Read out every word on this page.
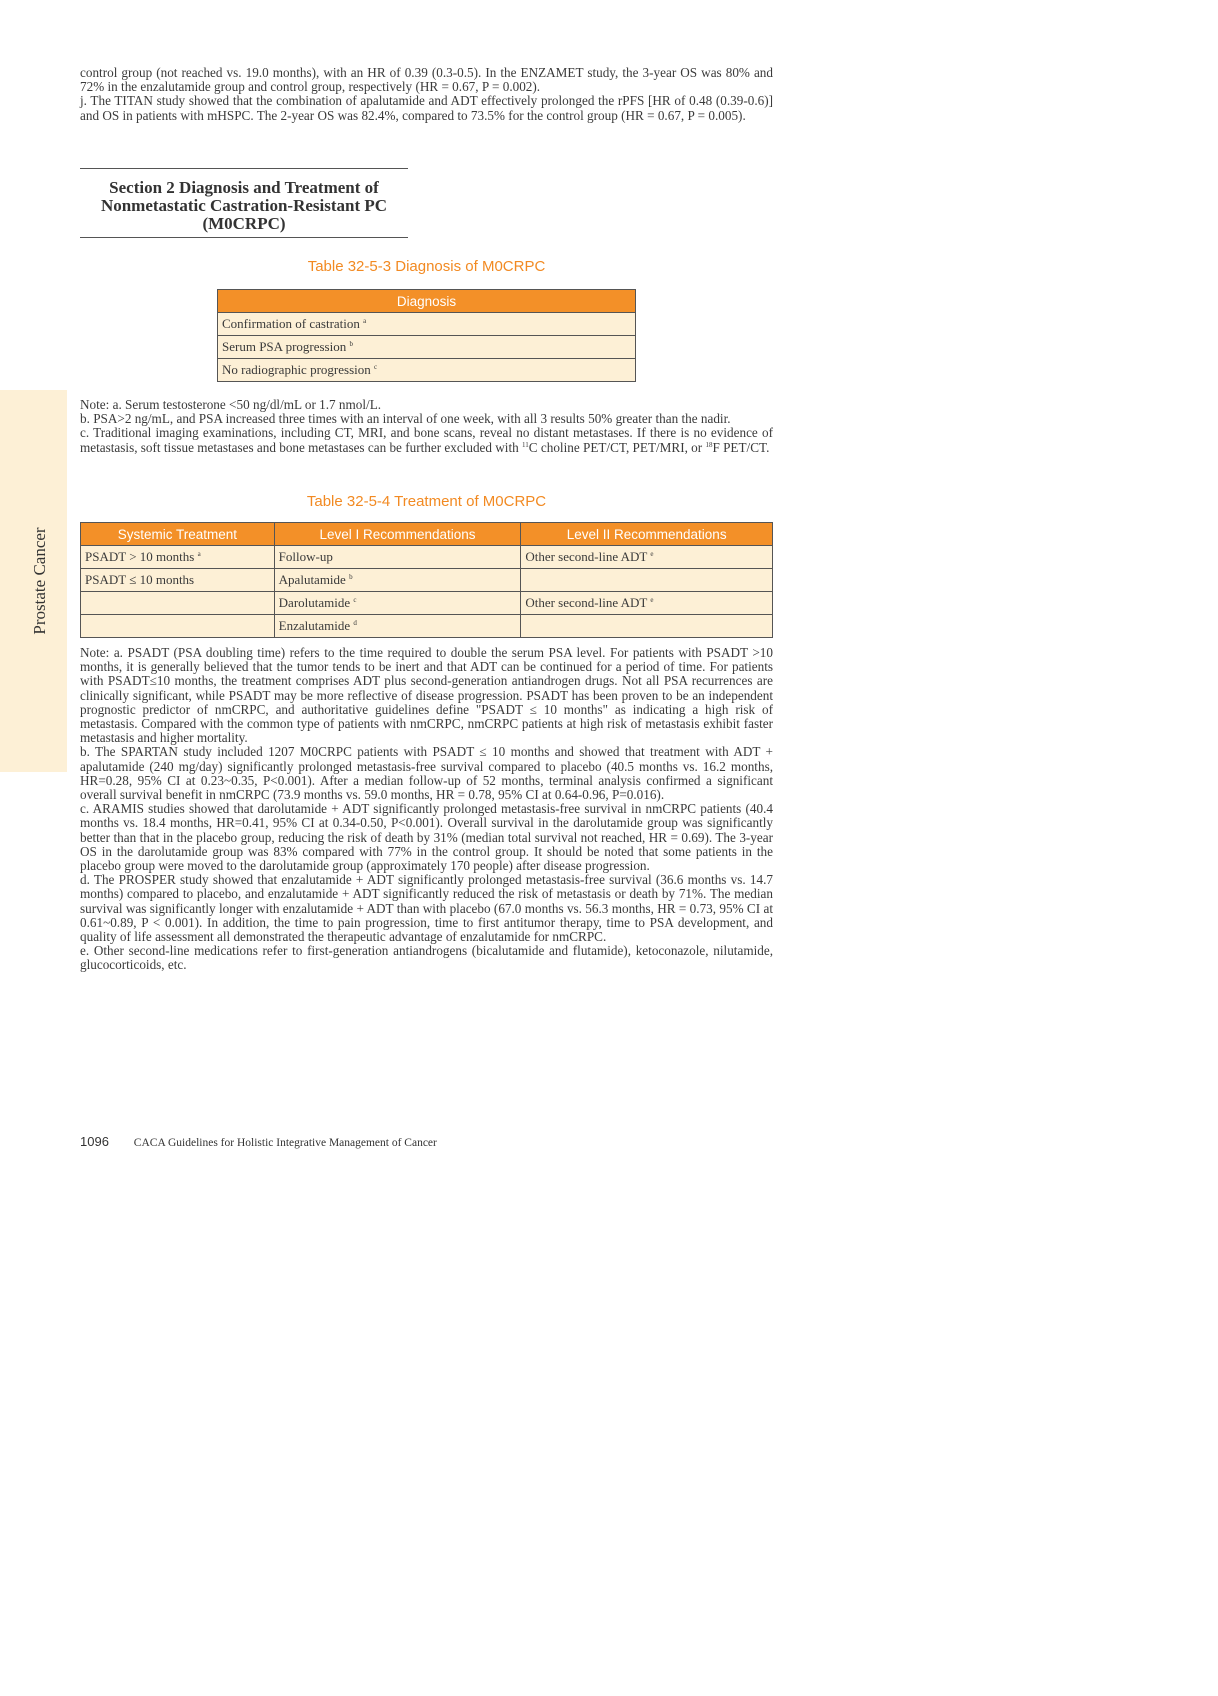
Prostate Cancer

control group (not reached vs. 19.0 months), with an HR of 0.39 (0.3-0.5). In the ENZAMET study, the 3-year OS was 80% and 72% in the enzalutamide group and control group, respectively (HR = 0.67, P = 0.002).

j. The TITAN study showed that the combination of apalutamide and ADT effectively prolonged the rPFS [HR of 0.48 (0.39-0.6)] and OS in patients with mHSPC. The 2-year OS was 82.4%, compared to 73.5% for the control group (HR = 0.67, P = 0.005).

Section 2 Diagnosis and Treatment of
Nonmetastatic Castration-Resistant PC
(M0CRPC)
Table 32-5-3 Diagnosis of M0CRPC
Diagnosis
Confirmation of castration $^a$
Serum PSA progression $^b$
No radiographic progression $^c$

Note: a. Serum testosterone <50 ng/dl/mL or 1.7 nmol/L.

b. PSA>2 ng/mL, and PSA increased three times with an interval of one week, with all 3 results 50% greater than the nadir.

c. Traditional imaging examinations, including CT, MRI, and bone scans, reveal no distant metastases. If there is no evidence of metastasis, soft tissue metastases and bone metastases can be further excluded with $^{11}$C choline PET/CT, PET/MRI, or $^{18}$F PET/CT.

Table 32-5-4 Treatment of M0CRPC
Systemic Treatment	Level I Recommendations	Level II Recommendations
PSADT > 10 months $^a$	Follow-up	Other second-line ADT $^e$
PSADT ≤ 10 months	Apalutamide $^b$	
	Darolutamide $^c$	Other second-line ADT $^e$
	Enzalutamide $^d$	

Note: a. PSADT (PSA doubling time) refers to the time required to double the serum PSA level. For patients with PSADT >10 months, it is generally believed that the tumor tends to be inert and that ADT can be continued for a period of time. For patients with PSADT≤10 months, the treatment comprises ADT plus second-generation antiandrogen drugs. Not all PSA recurrences are clinically significant, while PSADT may be more reflective of disease progression. PSADT has been proven to be an independent prognostic predictor of nmCRPC, and authoritative guidelines define "PSADT ≤ 10 months" as indicating a high risk of metastasis. Compared with the common type of patients with nmCRPC, nmCRPC patients at high risk of metastasis exhibit faster metastasis and higher mortality.

b. The SPARTAN study included 1207 M0CRPC patients with PSADT ≤ 10 months and showed that treatment with ADT + apalutamide (240 mg/day) significantly prolonged metastasis-free survival compared to placebo (40.5 months vs. 16.2 months, HR=0.28, 95% CI at 0.23~0.35, P<0.001). After a median follow-up of 52 months, terminal analysis confirmed a significant overall survival benefit in nmCRPC (73.9 months vs. 59.0 months, HR = 0.78, 95% CI at 0.64-0.96, P=0.016).

c. ARAMIS studies showed that darolutamide + ADT significantly prolonged metastasis-free survival in nmCRPC patients (40.4 months vs. 18.4 months, HR=0.41, 95% CI at 0.34-0.50, P<0.001). Overall survival in the darolutamide group was significantly better than that in the placebo group, reducing the risk of death by 31% (median total survival not reached, HR = 0.69). The 3-year OS in the darolutamide group was 83% compared with 77% in the control group. It should be noted that some patients in the placebo group were moved to the darolutamide group (approximately 170 people) after disease progression.

d. The PROSPER study showed that enzalutamide + ADT significantly prolonged metastasis-free survival (36.6 months vs. 14.7 months) compared to placebo, and enzalutamide + ADT significantly reduced the risk of metastasis or death by 71%. The median survival was significantly longer with enzalutamide + ADT than with placebo (67.0 months vs. 56.3 months, HR = 0.73, 95% CI at 0.61~0.89, P < 0.001). In addition, the time to pain progression, time to first antitumor therapy, time to PSA development, and quality of life assessment all demonstrated the therapeutic advantage of enzalutamide for nmCRPC.

e. Other second-line medications refer to first-generation antiandrogens (bicalutamide and flutamide), ketoconazole, nilutamide, glucocorticoids, etc.

1096 CACA Guidelines for Holistic Integrative Management of Cancer
